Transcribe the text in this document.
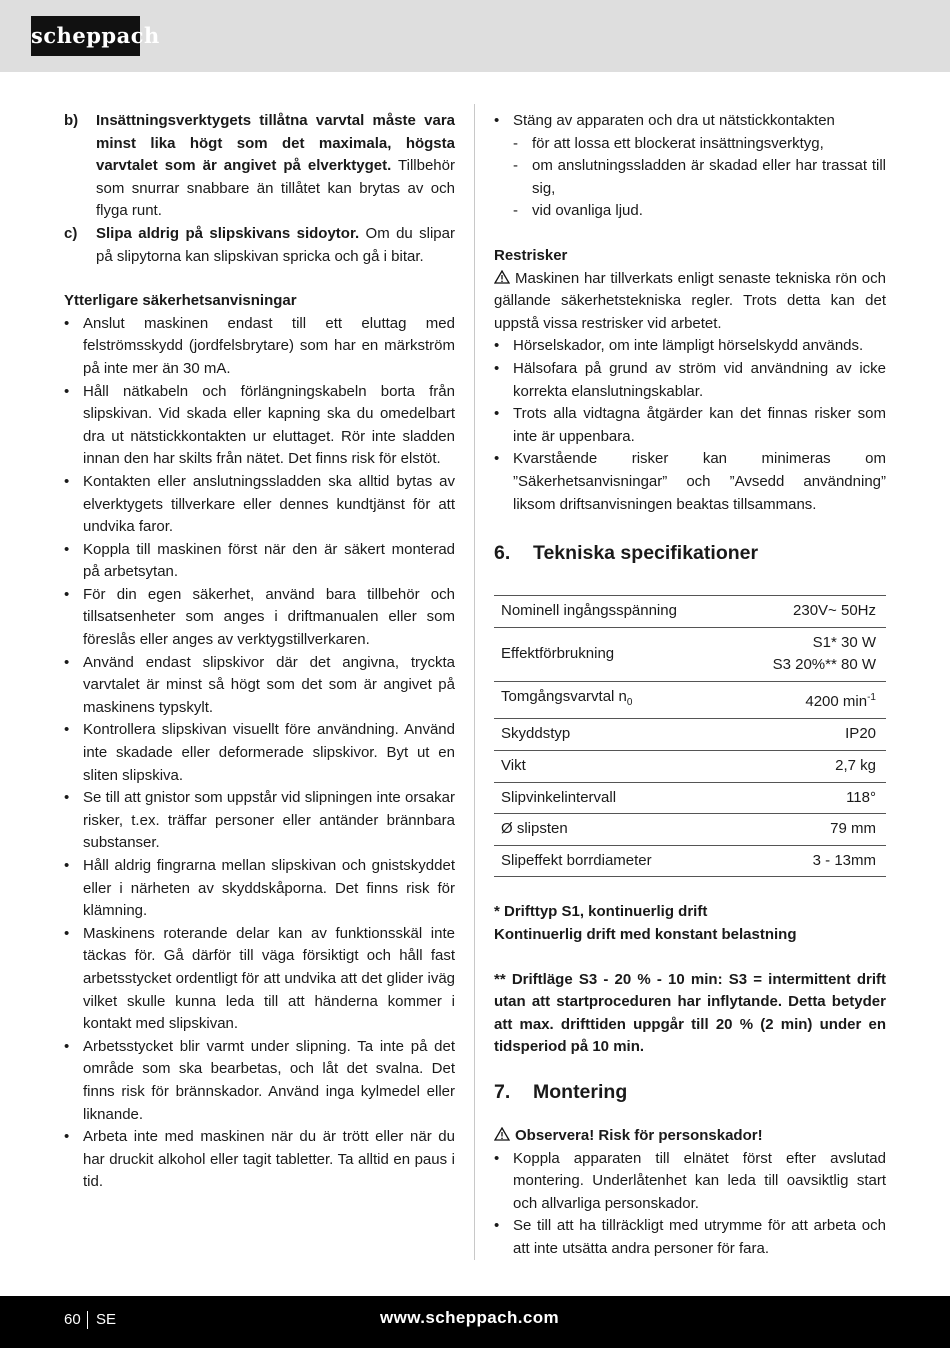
scheppach

b) Insättningsverktygets tillåtna varvtal måste vara minst lika högt som det maximala, högsta varvtalet som är angivet på elverktyget. Tillbehör som snurrar snabbare än tillåtet kan brytas av och flyga runt.

c) Slipa aldrig på slipskivans sidoytor. Om du slipar på slipytorna kan slipskivan spricka och gå i bitar.

Ytterligare säkerhetsanvisningar

• Anslut maskinen endast till ett eluttag med felströmsskydd (jordfelsbrytare) som har en märkström på inte mer än 30 mA.
• Håll nätkabeln och förlängningskabeln borta från slipskivan. Vid skada eller kapning ska du omedelbart dra ut nätstickkontakten ur eluttaget. Rör inte sladden innan den har skilts från nätet. Det finns risk för elstöt.
• Kontakten eller anslutningssladden ska alltid bytas av elverktygets tillverkare eller dennes kundtjänst för att undvika faror.
• Koppla till maskinen först när den är säkert monterad på arbetsytan.
• För din egen säkerhet, använd bara tillbehör och tillsatsenheter som anges i driftmanualen eller som föreslås eller anges av verktygstillverkaren.
• Använd endast slipskivor där det angivna, tryckta varvtalet är minst så högt som det som är angivet på maskinens typskylt.
• Kontrollera slipskivan visuellt före användning. Använd inte skadade eller deformerade slipskivor. Byt ut en sliten slipskiva.
• Se till att gnistor som uppstår vid slipningen inte orsakar risker, t.ex. träffar personer eller antänder brännbara substanser.
• Håll aldrig fingrarna mellan slipskivan och gnistskyddet eller i närheten av skyddskåporna. Det finns risk för klämning.
• Maskinens roterande delar kan av funktionsskäl inte täckas för. Gå därför till väga försiktigt och håll fast arbetsstycket ordentligt för att undvika att det glider iväg vilket skulle kunna leda till att händerna kommer i kontakt med slipskivan.
• Arbetsstycket blir varmt under slipning. Ta inte på det område som ska bearbetas, och låt det svalna. Det finns risk för brännskador. Använd inga kylmedel eller liknande.
• Arbeta inte med maskinen när du är trött eller när du har druckit alkohol eller tagit tabletter. Ta alltid en paus i tid.
• Stäng av apparaten och dra ut nätstickkontakten
- för att lossa ett blockerat insättningsverktyg,
- om anslutningssladden är skadad eller har trassat till sig,
- vid ovanliga ljud.

Restrisker

Maskinen har tillverkats enligt senaste tekniska rön och gällande säkerhetstekniska regler. Trots detta kan det uppstå vissa restrisker vid arbetet.

• Hörselskador, om inte lämpligt hörselskydd används.
• Hälsofara på grund av ström vid användning av icke korrekta elanslutningskablar.
• Trots alla vidtagna åtgärder kan det finnas risker som inte är uppenbara.
• Kvarstående risker kan minimeras om ”Säkerhetsanvisningar” och ”Avsedd användning” liksom driftsanvisningen beaktas tillsammans.
6. Tekniska specifikationer
Nominell ingångsspänning	230V~ 50Hz
Effektförbrukning	S1* 30 W
S3 20%** 80 W
Tomgångsvarvtal $n_0$	4200 $\min^{-1}$
Skyddstyp	IP20
Vikt	2,7 kg
Slipvinkelintervall	118°
Ø slipsten	79 mm
Slipeffekt borrdiameter	3 - 13mm

* Drifttyp S1, kontinuerlig drift

Kontinuerlig drift med konstant belastning

** Driftläge S3 - 20 % - 10 min: S3 = intermittent drift utan att startproceduren har inflytande. Detta betyder att max. drifttiden uppgår till 20 % (2 min) under en tidsperiod på 10 min.

7. Montering

Observera! Risk för personskador!

• Koppla apparaten till elnätet först efter avslutad montering. Underlåtenhet kan leda till oavsiktlig start och allvarliga personskador.
• Se till att ha tillräckligt med utrymme för att arbeta och att inte utsätta andra personer för fara.
60 SE	www.scheppach.com
